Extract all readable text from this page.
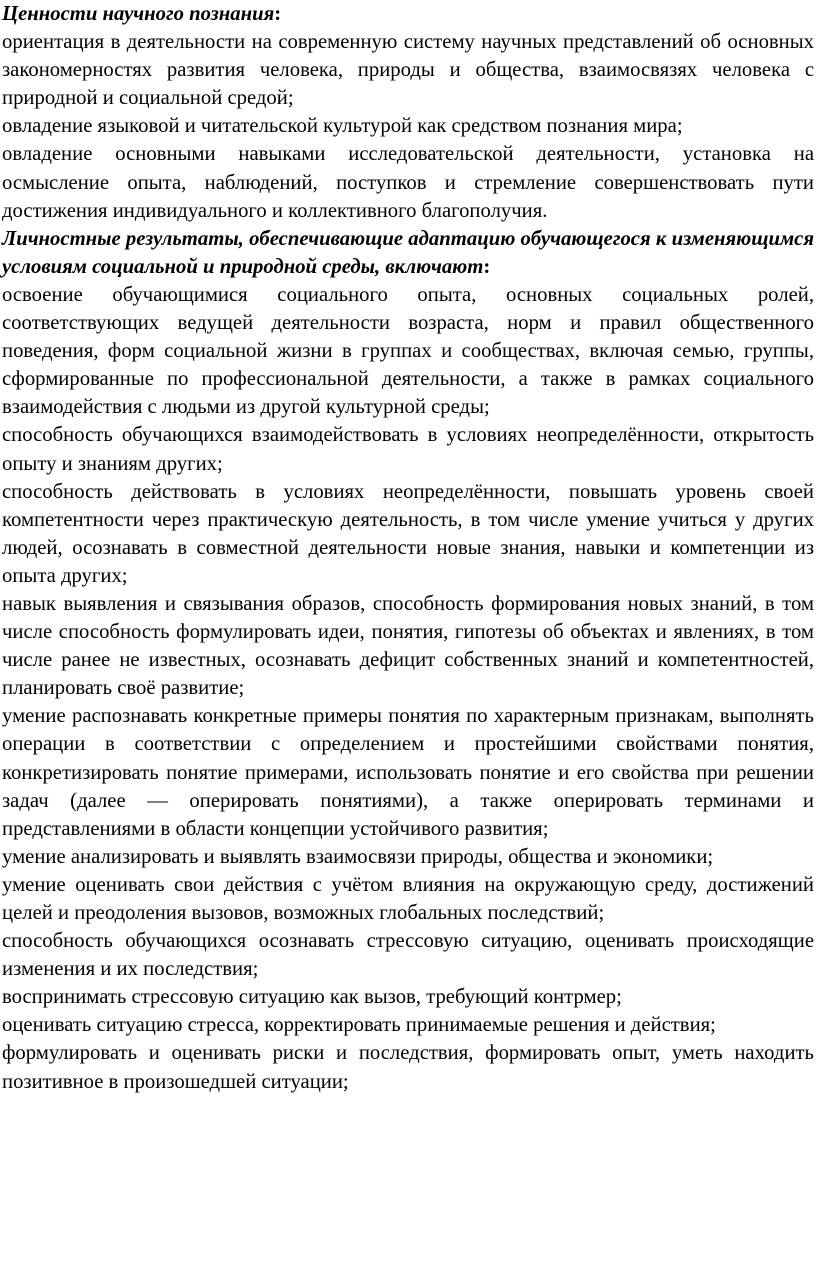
Ценности научного познания:

ориентация в деятельности на современную систему научных представлений об основных закономерностях развития человека, природы и общества, взаимосвязях человека с природной и социальной средой;

овладение языковой и читательской культурой как средством познания мира;

овладение основными навыками исследовательской деятельности, установка на осмысление опыта, наблюдений, поступков и стремление совершенствовать пути достижения индивидуального и коллективного благополучия.

Личностные результаты, обеспечивающие адаптацию обучающегося к изменяющимся условиям социальной и природной среды, включают:

освоение обучающимися социального опыта, основных социальных ролей, соответствующих ведущей деятельности возраста, норм и правил общественного поведения, форм социальной жизни в группах и сообществах, включая семью, группы, сформированные по профессиональной деятельности, а также в рамках социального взаимодействия с людьми из другой культурной среды;

способность обучающихся взаимодействовать в условиях неопределённости, открытость опыту и знаниям других;

способность действовать в условиях неопределённости, повышать уровень своей компетентности через практическую деятельность, в том числе умение учиться у других людей, осознавать в совместной деятельности новые знания, навыки и компетенции из опыта других;

навык выявления и связывания образов, способность формирования новых знаний, в том числе способность формулировать идеи, понятия, гипотезы об объектах и явлениях, в том числе ранее не известных, осознавать дефицит собственных знаний и компетентностей, планировать своё развитие;

умение распознавать конкретные примеры понятия по характерным признакам, выполнять операции в соответствии с определением и простейшими свойствами понятия, конкретизировать понятие примерами, использовать понятие и его свойства при решении задач (далее — оперировать понятиями), а также оперировать терминами и представлениями в области концепции устойчивого развития;

умение анализировать и выявлять взаимосвязи природы, общества и экономики;

умение оценивать свои действия с учётом влияния на окружающую среду, достижений целей и преодоления вызовов, возможных глобальных последствий;

способность обучающихся осознавать стрессовую ситуацию, оценивать происходящие изменения и их последствия;

воспринимать стрессовую ситуацию как вызов, требующий контрмер;

оценивать ситуацию стресса, корректировать принимаемые решения и действия;

формулировать и оценивать риски и последствия, формировать опыт, уметь находить позитивное в произошедшей ситуации;
